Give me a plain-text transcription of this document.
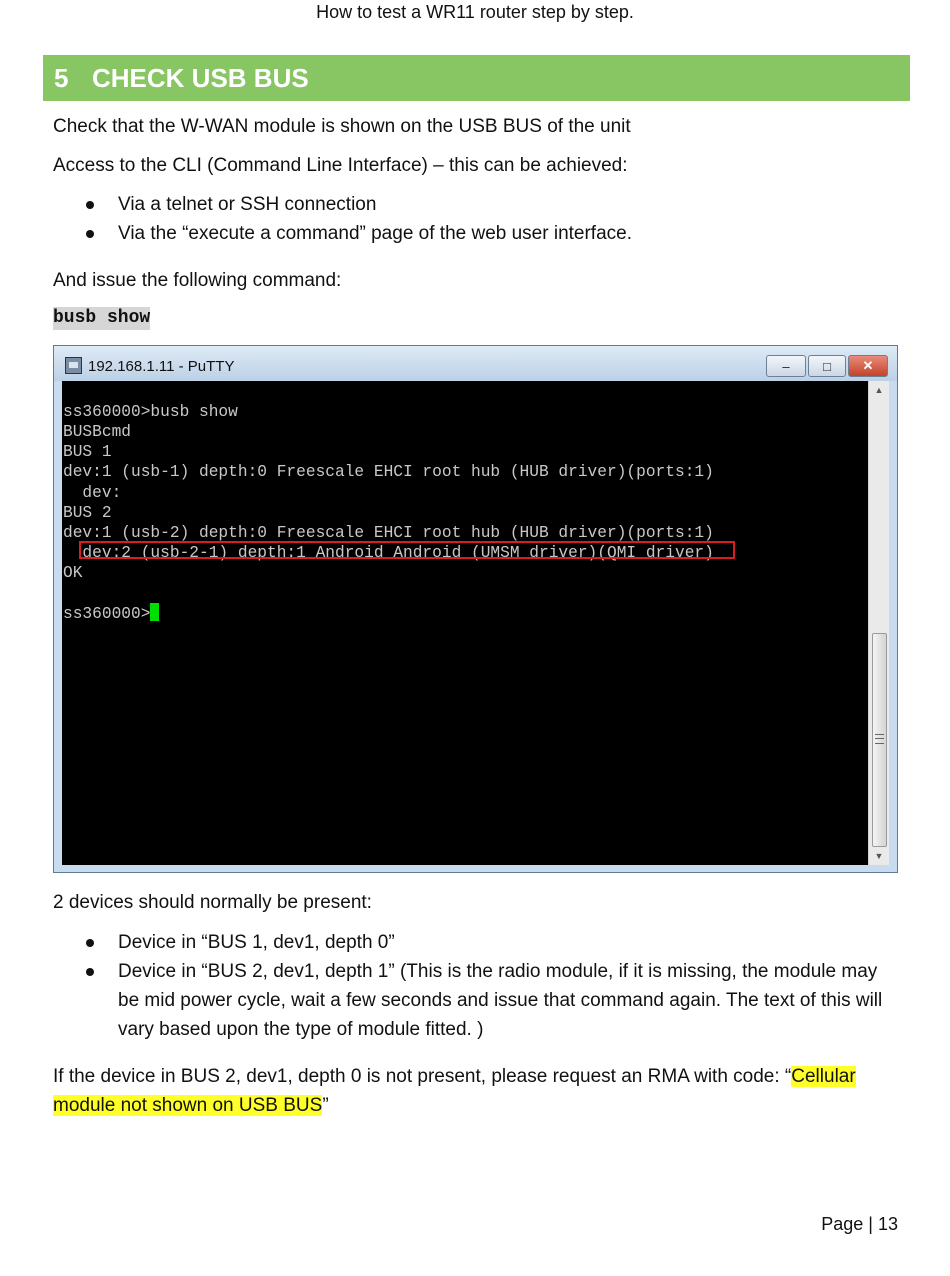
How to test a WR11 router step by step.
5 CHECK USB BUS
Check that the W-WAN module is shown on the USB BUS of the unit
Access to the CLI (Command Line Interface) – this can be achieved:
Via a telnet or SSH connection
Via the “execute a command” page of the web user interface.
And issue the following command:
busb show
192.168.1.11 - PuTTY	–	□	✕
ss360000>busb show
BUSBcmd
BUS 1
dev:1 (usb-1) depth:0 Freescale EHCI root hub (HUB driver)(ports:1)
dev:
BUS 2
dev:1 (usb-2) depth:0 Freescale EHCI root hub (HUB driver)(ports:1)
dev:2 (usb-2-1) depth:1 Android Android (UMSM driver)(QMI driver)
OK
ss360000>
▲
▼
2 devices should normally be present:
Device in “BUS 1, dev1, depth 0”
Device in “BUS 2, dev1, depth 1” (This is the radio module, if it is missing, the module may be mid power cycle, wait a few seconds and issue that command again. The text of this will vary based upon the type of module fitted. )
If the device in BUS 2, dev1, depth 0 is not present, please request an RMA with code: “Cellular module not shown on USB BUS”
Page | 13
